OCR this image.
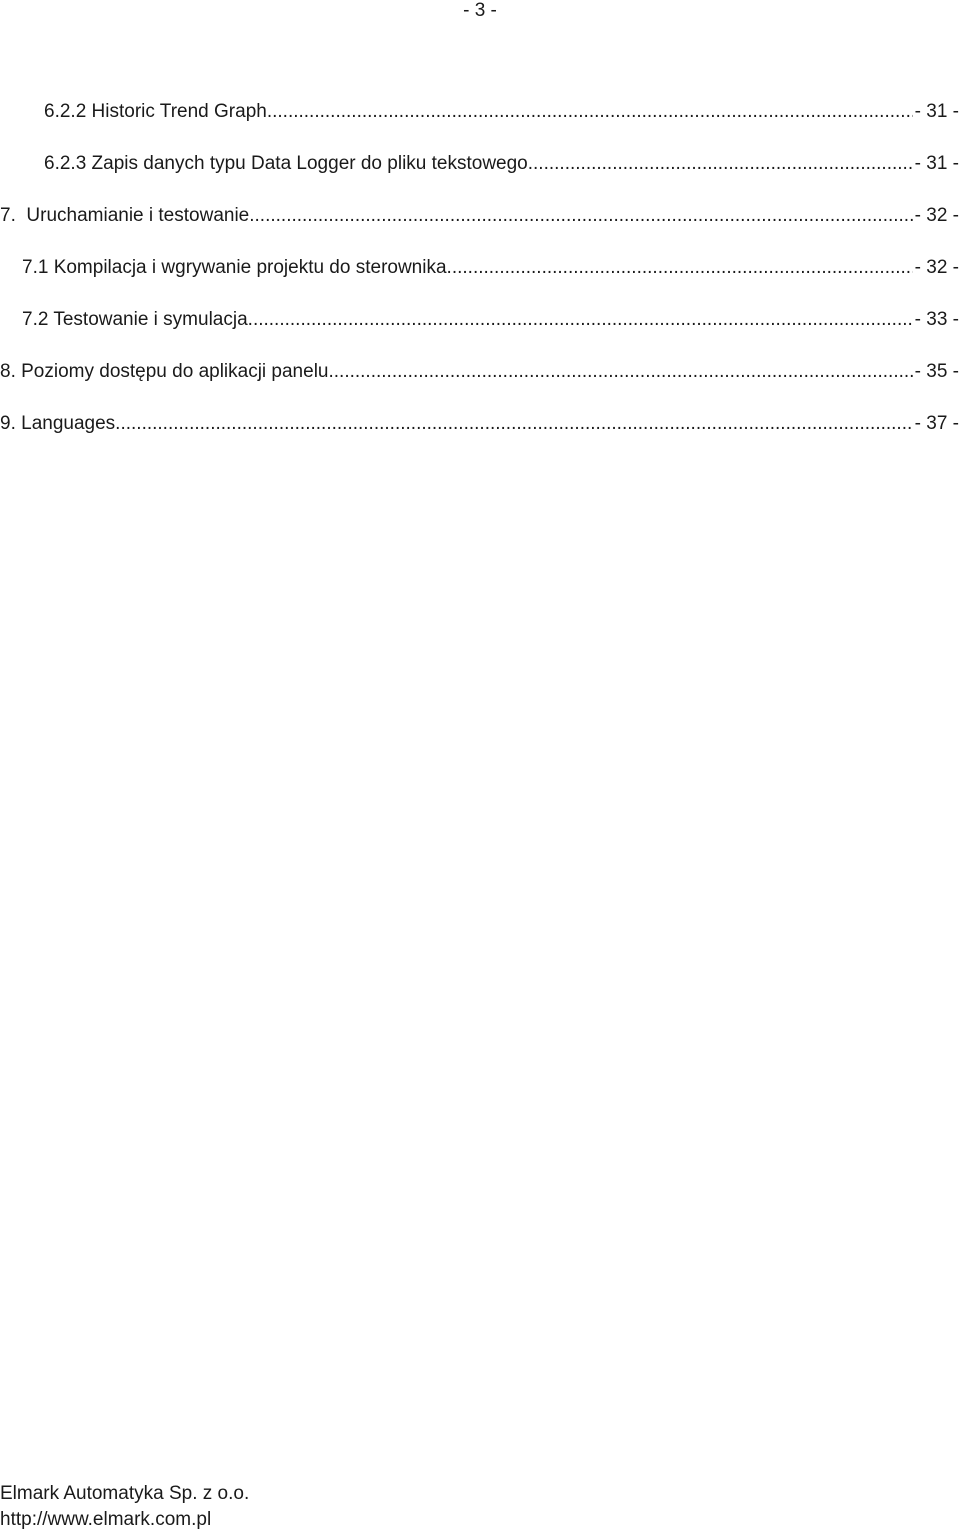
- 3 -
6.2.2 Historic Trend Graph .....	- 31 -
6.2.3 Zapis danych typu Data Logger do pliku tekstowego .....	- 31 -
7.  Uruchamianie i testowanie. .....	- 32 -
7.1 Kompilacja i wgrywanie projektu do sterownika .....	- 32 -
7.2 Testowanie i symulacja. .....	- 33 -
8. Poziomy dostępu do aplikacji panelu .....	- 35 -
9. Languages .....	- 37 -
Elmark Automatyka Sp. z o.o.
http://www.elmark.com.pl
